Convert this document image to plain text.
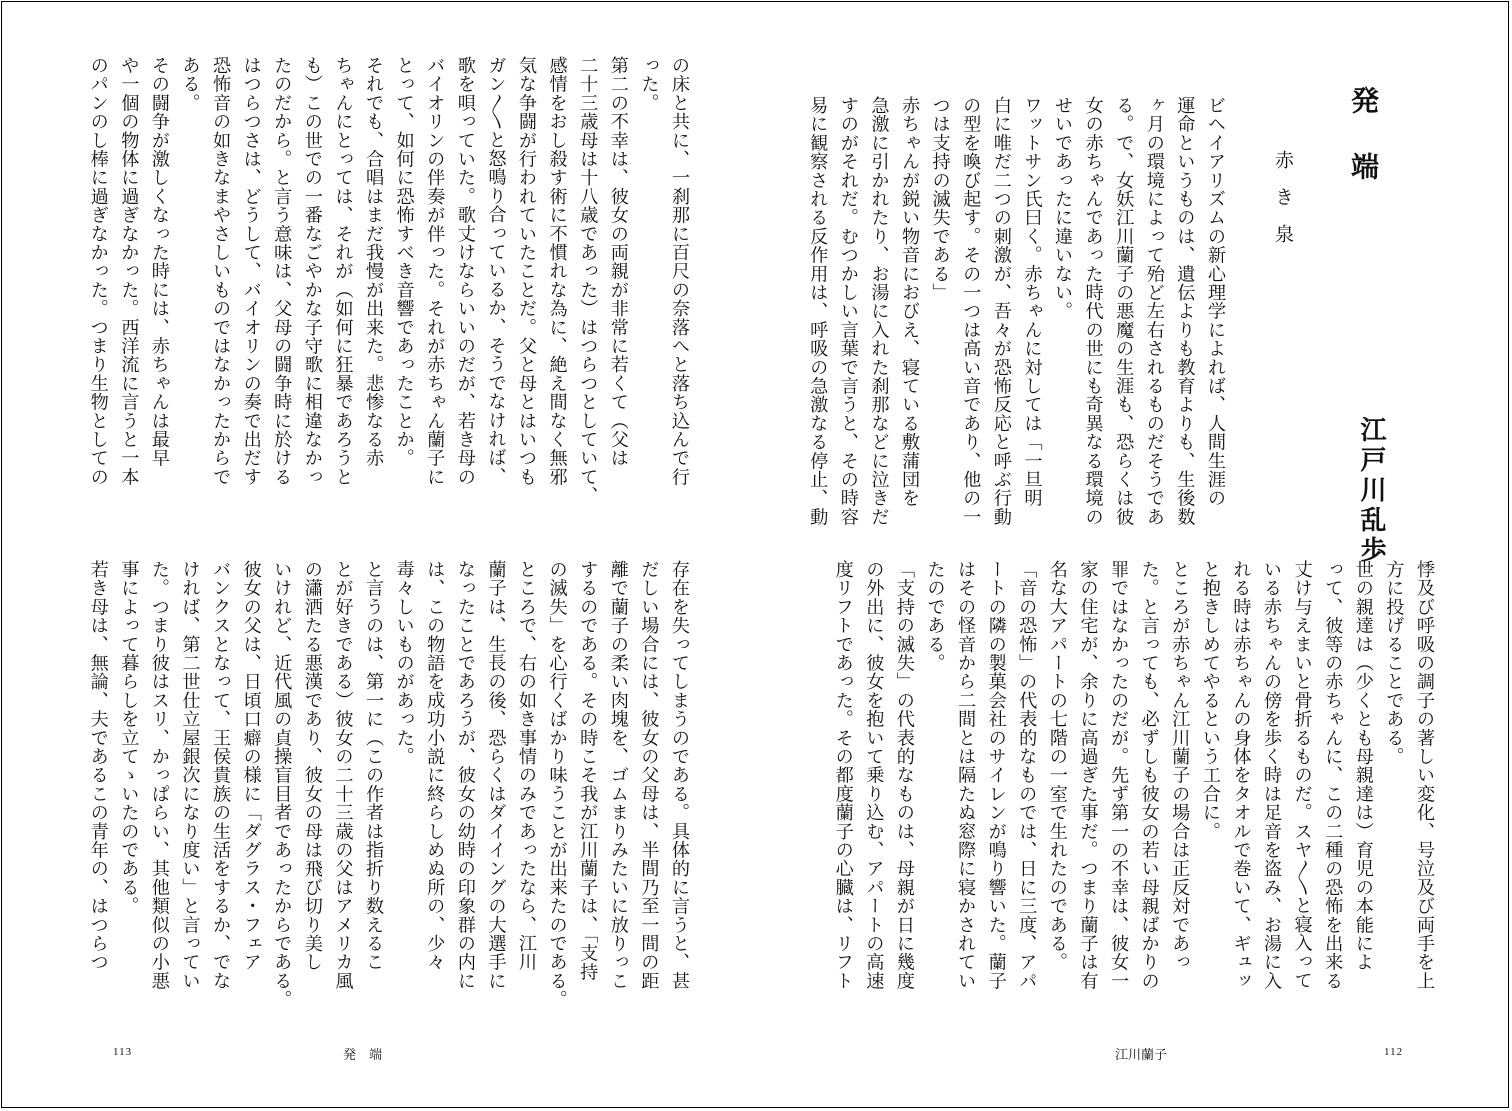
発端
赤き泉
江戸川乱歩

ビヘイアリズムの新心理学によれば、人間生涯の

運命というものは、遺伝よりも教育よりも、生後数

ヶ月の環境によって殆ど左右されるものだそうであ

る。で、女妖江川蘭子の悪魔の生涯も、恐らくは彼

女の赤ちゃんであった時代の世にも奇異なる環境の

せいであったに違いない。

ワットサン氏曰く。赤ちゃんに対しては「一旦明

白に唯だ二つの刺激が、吾々が恐怖反応と呼ぶ行動

の型を喚び起す。その一つは高い音であり、他の一

つは支持の滅失である」

赤ちゃんが鋭い物音におびえ、寝ている敷蒲団を

急激に引かれたり、お湯に入れた刹那などに泣きだ

すのがそれだ。むつかしい言葉で言うと、その時容

易に観察される反作用は、呼吸の急激なる停止、動

悸及び呼吸の調子の著しい変化、号泣及び両手を上

方に投げることである。

世の親達は（少くとも母親達は）育児の本能によ

って、彼等の赤ちゃんに、この二種の恐怖を出来る

丈け与えまいと骨折るものだ。スヤ〳〵と寝入って

いる赤ちゃんの傍を歩く時は足音を盗み、お湯に入

れる時は赤ちゃんの身体をタオルで巻いて、ギュッ

と抱きしめてやるという工合に。

ところが赤ちゃん江川蘭子の場合は正反対であっ

た。と言っても、必ずしも彼女の若い母親ばかりの

罪ではなかったのだが。先ず第一の不幸は、彼女一

家の住宅が、余りに高過ぎた事だ。つまり蘭子は有

名な大アパートの七階の一室で生れたのである。

「音の恐怖」の代表的なものでは、日に三度、アパ

ートの隣の製菓会社のサイレンが鳴り響いた。蘭子

はその怪音から二間とは隔たぬ窓際に寝かされてい

たのである。

「支持の滅失」の代表的なものは、母親が日に幾度

の外出に、彼女を抱いて乗り込む、アパートの高速

度リフトであった。その都度蘭子の心臓は、リフト

江川蘭子	112

の床と共に、一刹那に百尺の奈落へと落ち込んで行

った。

第二の不幸は、彼女の両親が非常に若くて（父は

二十三歳母は十八歳であった）はつらつとしていて、

感情をおし殺す術に不慣れな為に、絶え間なく無邪

気な争闘が行われていたことだ。父と母とはいつも

ガン〳〵と怒鳴り合っているか、そうでなければ、

歌を唄っていた。歌丈けならいいのだが、若き母の

バイオリンの伴奏が伴った。それが赤ちゃん蘭子に

とって、如何に恐怖すべき音響であったことか。

それでも、合唱はまだ我慢が出来た。悲惨なる赤

ちゃんにとっては、それが（如何に狂暴であろうと

も）この世での一番なごやかな子守歌に相違なかっ

たのだから。と言う意味は、父母の闘争時に於ける

はつらつさは、どうして、バイオリンの奏で出だす

恐怖音の如きなまやさしいものではなかったからで

ある。

その闘争が激しくなった時には、赤ちゃんは最早

や一個の物体に過ぎなかった。西洋流に言うと一本

のパンのし棒に過ぎなかった。つまり生物としての

存在を失ってしまうのである。具体的に言うと、甚

だしい場合には、彼女の父母は、半間乃至一間の距

離で蘭子の柔い肉塊を、ゴムまりみたいに放りっこ

するのである。その時こそ我が江川蘭子は、「支持

の滅失」を心行くばかり味うことが出来たのである。

ところで、右の如き事情のみであったなら、江川

蘭子は、生長の後、恐らくはダイイングの大選手に

なったことであろうが、彼女の幼時の印象群の内に

は、この物語を成功小説に終らしめぬ所の、少々

毒々しいものがあった。

と言うのは、第一に（この作者は指折り数えるこ

とが好きである）彼女の二十三歳の父はアメリカ風

の瀟洒たる悪漢であり、彼女の母は飛び切り美し

いけれど、近代風の貞操盲目者であったからである。

彼女の父は、日頃口癖の様に「ダグラス・フェア

バンクスとなって、王侯貴族の生活をするか、でな

ければ、第二世仕立屋銀次になり度い」と言ってい

た。つまり彼はスリ、かっぱらい、其他類似の小悪

事によって暮らしを立てゝいたのである。

若き母は、無論、夫であるこの青年の、はつらつ

113	発　端
